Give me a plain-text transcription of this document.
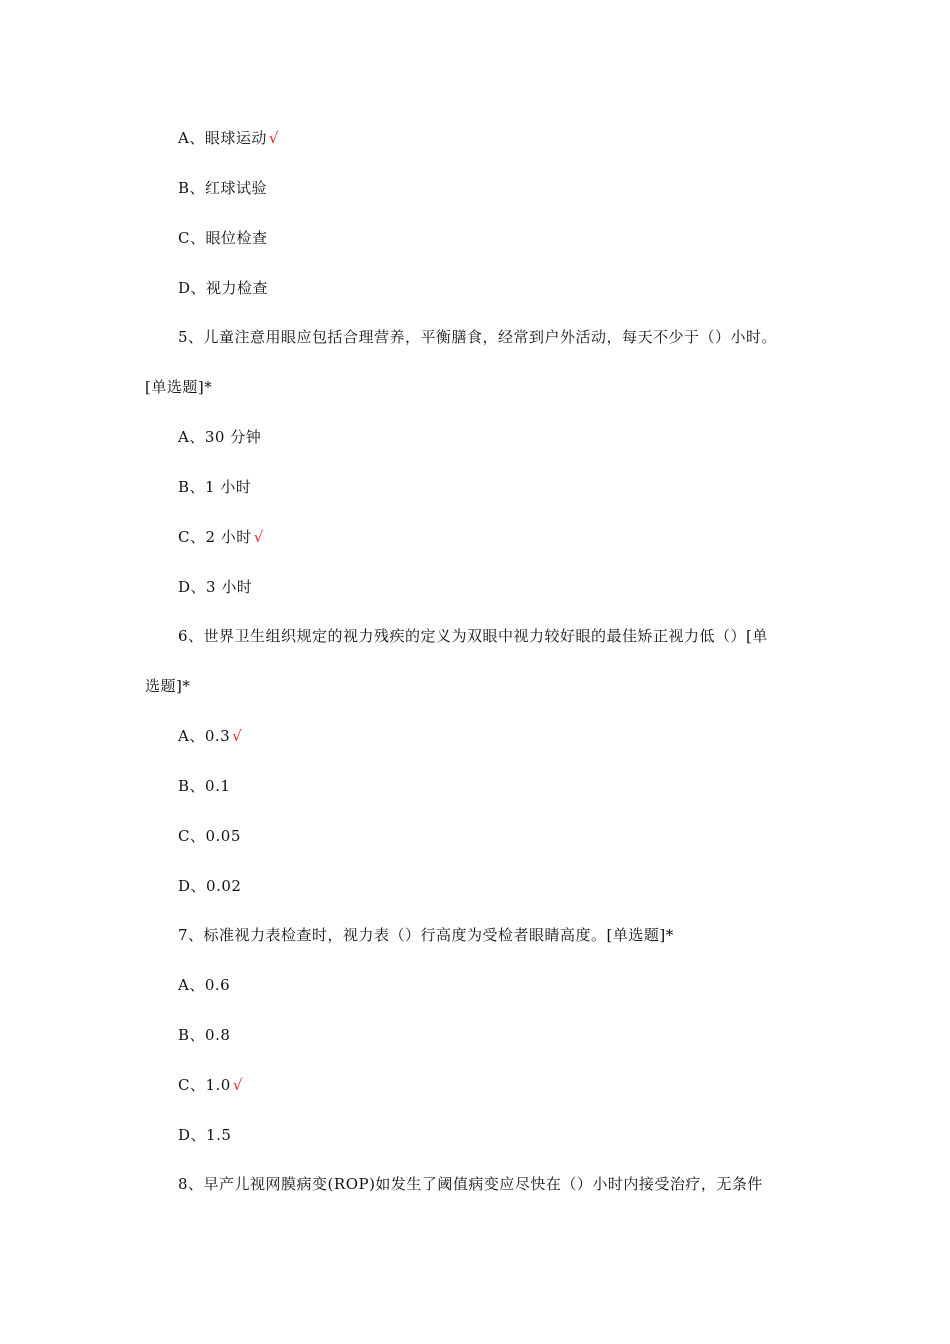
A、眼球运动 √
B、红球试验
C、眼位检查
D、视力检查
5、儿童注意用眼应包括合理营养，平衡膳食，经常到户外活动，每天不少于（）小时。
[单选题]*
A、30 分钟
B、1 小时
C、2 小时 √
D、3 小时
6、世界卫生组织规定的视力残疾的定义为双眼中视力较好眼的最佳矫正视力低（）[单
选题]*
A、0.3 √
B、0.1
C、0.05
D、0.02
7、标准视力表检查时，视力表（）行高度为受检者眼睛高度。[单选题]*
A、0.6
B、0.8
C、1.0 √
D、1.5
8、早产儿视网膜病变(ROP)如发生了阈值病变应尽快在（）小时内接受治疗，无条件
